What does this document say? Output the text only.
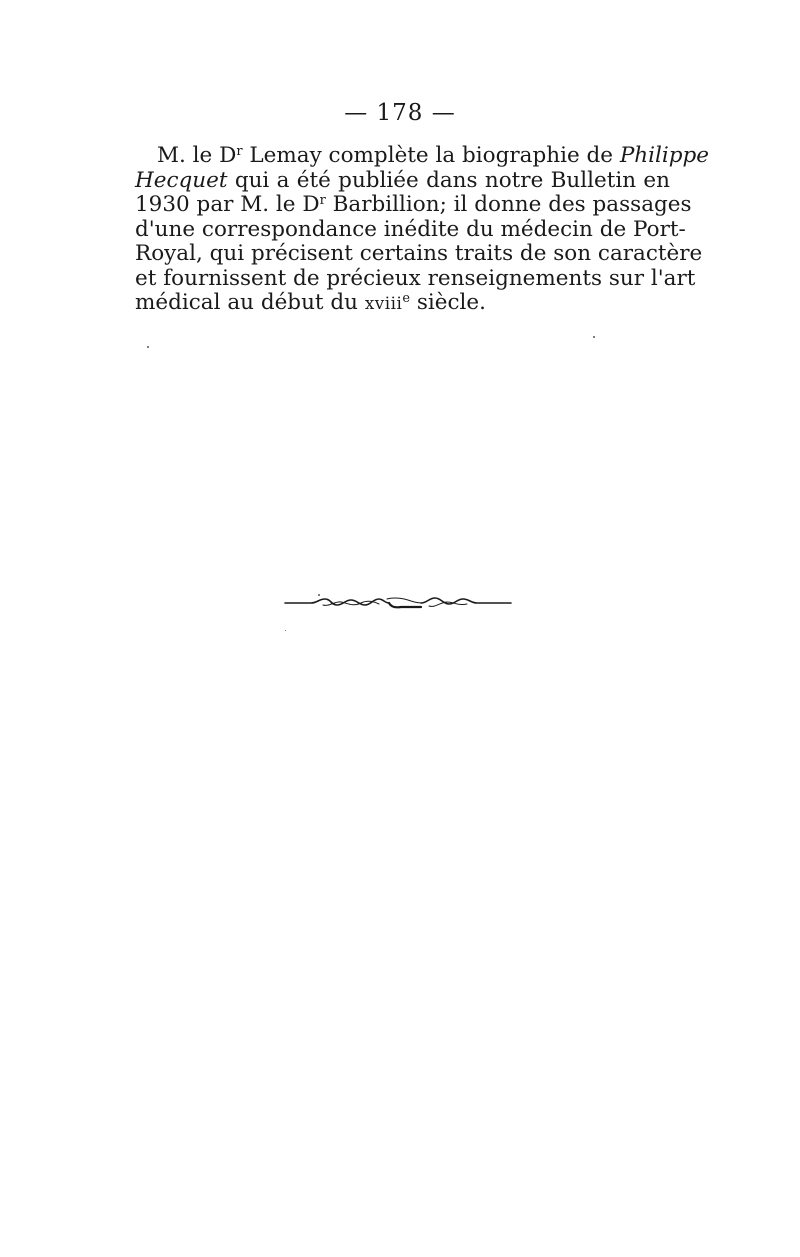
— 178 —
M. le $D^r$ Lemay complète la biographie de Philippe
Hecquet qui a été publiée dans notre Bulletin en
1930 par M. le $D^r$ Barbillion; il donne des passages
d'une correspondance inédite du médecin de Port-
Royal, qui précisent certains traits de son caractère
et fournissent de précieux renseignements sur l'art
médical au début du xviii$^e$ siècle.
